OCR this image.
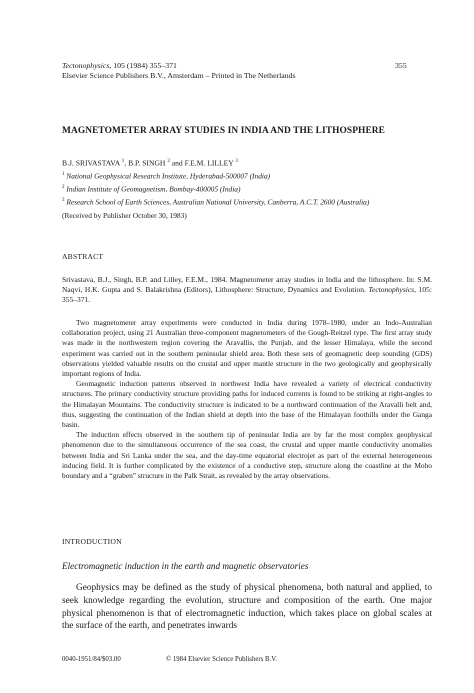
Tectonophysics, 105 (1984) 355–371
Elsevier Science Publishers B.V., Amsterdam – Printed in The Netherlands
355
MAGNETOMETER ARRAY STUDIES IN INDIA AND THE LITHOSPHERE
B.J. SRIVASTAVA $^1$, B.P. SINGH $^2$ and F.E.M. LILLEY $^3$
$^1$ National Geophysical Research Institute, Hyderabad-500007 (India)
$^2$ Indian Institute of Geomagnetism, Bombay-400005 (India)
$^3$ Research School of Earth Sciences, Australian National University, Canberra, A.C.T. 2600 (Australia)
(Received by Publisher October 30, 1983)
ABSTRACT
Srivastava, B.J., Singh, B.P. and Lilley, F.E.M., 1984. Magnetometer array studies in India and the lithosphere. In: S.M. Naqvi, H.K. Gupta and S. Balakrishna (Editors), Lithosphere: Structure, Dynamics and Evolution. Tectonophysics, 105: 355–371.

Two magnetometer array experiments were conducted in India during 1978–1980, under an Indo-Australian collaboration project, using 21 Australian three-component magnetometers of the Gough-Reitzel type. The first array study was made in the northwestern region covering the Aravallis, the Punjab, and the lesser Himalaya, while the second experiment was carried out in the southern peninsular shield area. Both these sets of geomagnetic deep sounding (GDS) observations yielded valuable results on the crustal and upper mantle structure in the two geologically and geophysically important regions of India.

Geomagnetic induction patterns observed in northwest India have revealed a variety of electrical conductivity structures. The primary conductivity structure providing paths for induced currents is found to be striking at right-angles to the Himalayan Mountains. The conductivity structure is indicated to be a northward continuation of the Aravalli belt and, thus, suggesting the continuation of the Indian shield at depth into the base of the Himalayan foothills under the Ganga basin.

The induction effects observed in the southern tip of peninsular India are by far the most complex geophysical phenomenon due to the simultaneous occurrence of the sea coast, the crustal and upper mantle conductivity anomalies between India and Sri Lanka under the sea, and the day-time equatorial electrojet as part of the external heterogeneous inducing field. It is further complicated by the existence of a conductive step, structure along the coastline at the Moho boundary and a “graben” structure in the Palk Strait, as revealed by the array observations.

INTRODUCTION
Electromagnetic induction in the earth and magnetic observatories

Geophysics may be defined as the study of physical phenomena, both natural and applied, to seek knowledge regarding the evolution, structure and composition of the earth. One major physical phenomenon is that of electromagnetic induction, which takes place on global scales at the surface of the earth, and penetrates inwards

0040-1951/84/$03.00	© 1984 Elsevier Science Publishers B.V.
